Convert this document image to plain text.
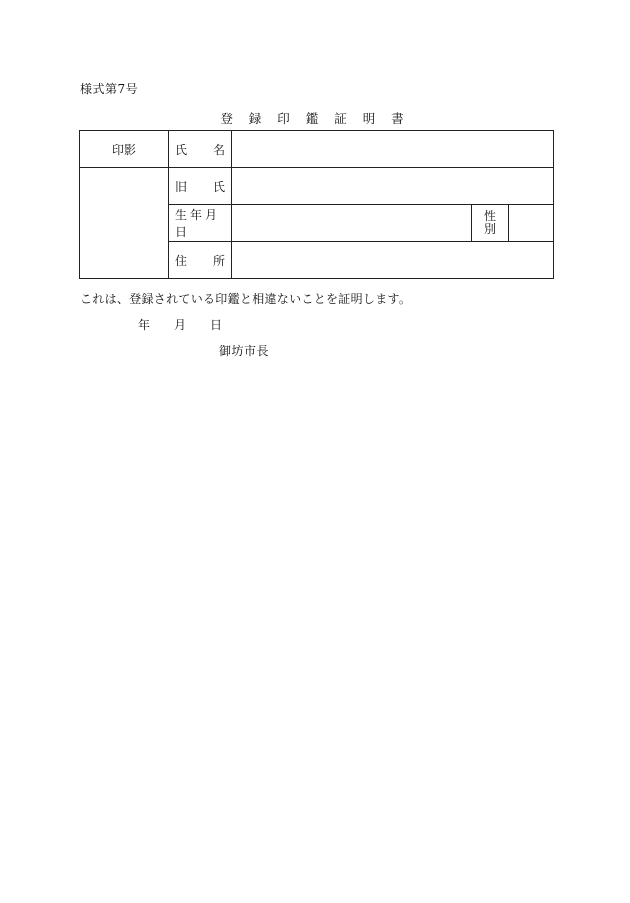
様式第7号
登 録 印 鑑 証 明 書
印影	氏 名			

	旧 氏			

	生年月日		性
別	

	住 所			

これは、登録されている印鑑と相違ないことを証明します。
年 月 日
御坊市長
